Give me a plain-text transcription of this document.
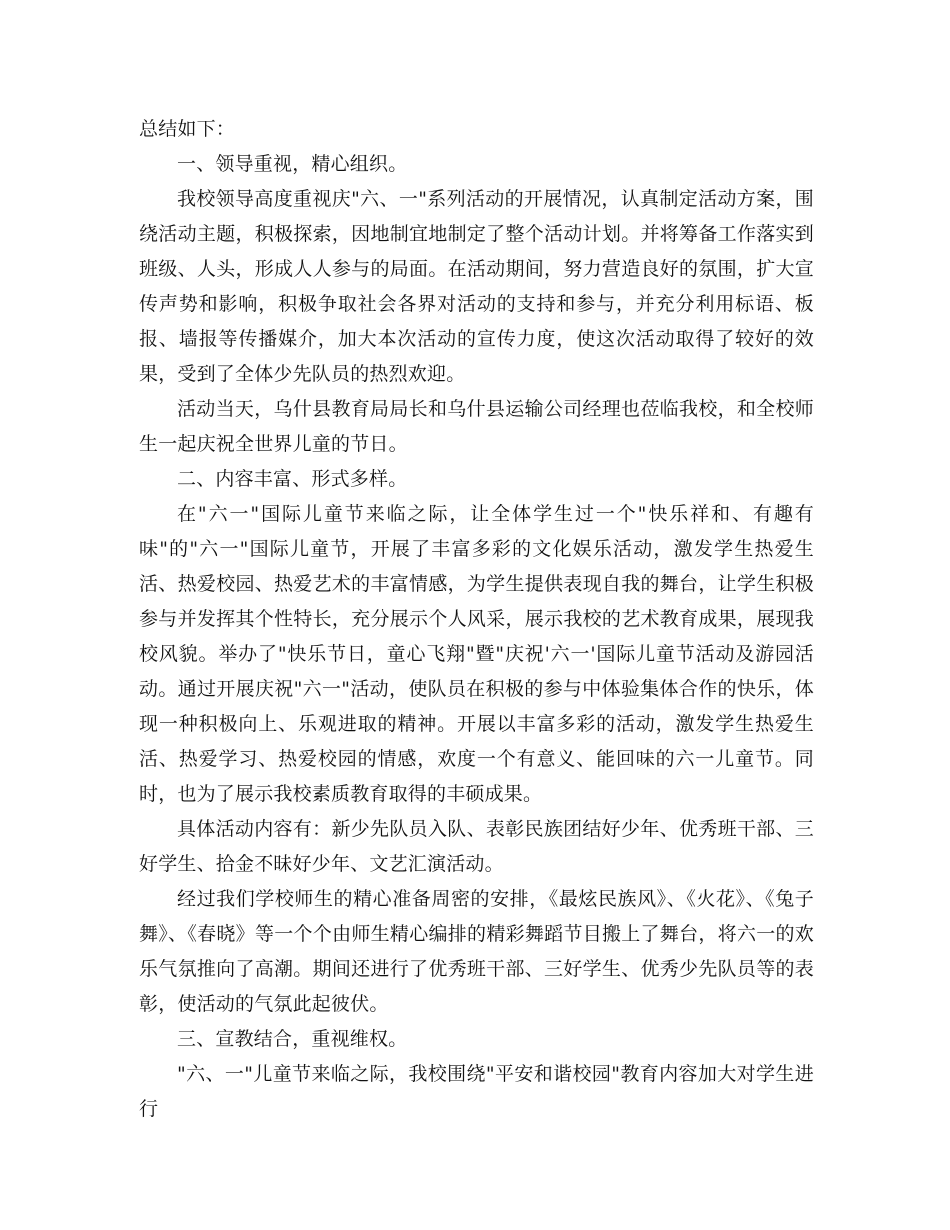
总结如下：

一、领导重视，精心组织。

我校领导高度重视庆"六、一"系列活动的开展情况，认真制定活动方案，围绕活动主题，积极探索，因地制宜地制定了整个活动计划。并将筹备工作落实到班级、人头，形成人人参与的局面。在活动期间，努力营造良好的氛围，扩大宣传声势和影响，积极争取社会各界对活动的支持和参与，并充分利用标语、板报、墙报等传播媒介，加大本次活动的宣传力度，使这次活动取得了较好的效果，受到了全体少先队员的热烈欢迎。

活动当天，乌什县教育局局长和乌什县运输公司经理也莅临我校，和全校师生一起庆祝全世界儿童的节日。

二、内容丰富、形式多样。

在"六一"国际儿童节来临之际，让全体学生过一个"快乐祥和、有趣有味"的"六一"国际儿童节，开展了丰富多彩的文化娱乐活动，激发学生热爱生活、热爱校园、热爱艺术的丰富情感，为学生提供表现自我的舞台，让学生积极参与并发挥其个性特长，充分展示个人风采，展示我校的艺术教育成果，展现我校风貌。举办了"快乐节日，童心飞翔"暨"庆祝'六一'国际儿童节活动及游园活动。通过开展庆祝"六一"活动，使队员在积极的参与中体验集体合作的快乐，体现一种积极向上、乐观进取的精神。开展以丰富多彩的活动，激发学生热爱生活、热爱学习、热爱校园的情感，欢度一个有意义、能回味的六一儿童节。同时，也为了展示我校素质教育取得的丰硕成果。

具体活动内容有：新少先队员入队、表彰民族团结好少年、优秀班干部、三好学生、拾金不昧好少年、文艺汇演活动。

经过我们学校师生的精心准备周密的安排，《最炫民族风》、《火花》、《兔子舞》、《春晓》等一个个由师生精心编排的精彩舞蹈节目搬上了舞台，将六一的欢乐气氛推向了高潮。期间还进行了优秀班干部、三好学生、优秀少先队员等的表彰，使活动的气氛此起彼伏。

三、宣教结合，重视维权。

"六、一"儿童节来临之际，我校围绕"平安和谐校园"教育内容加大对学生进行
